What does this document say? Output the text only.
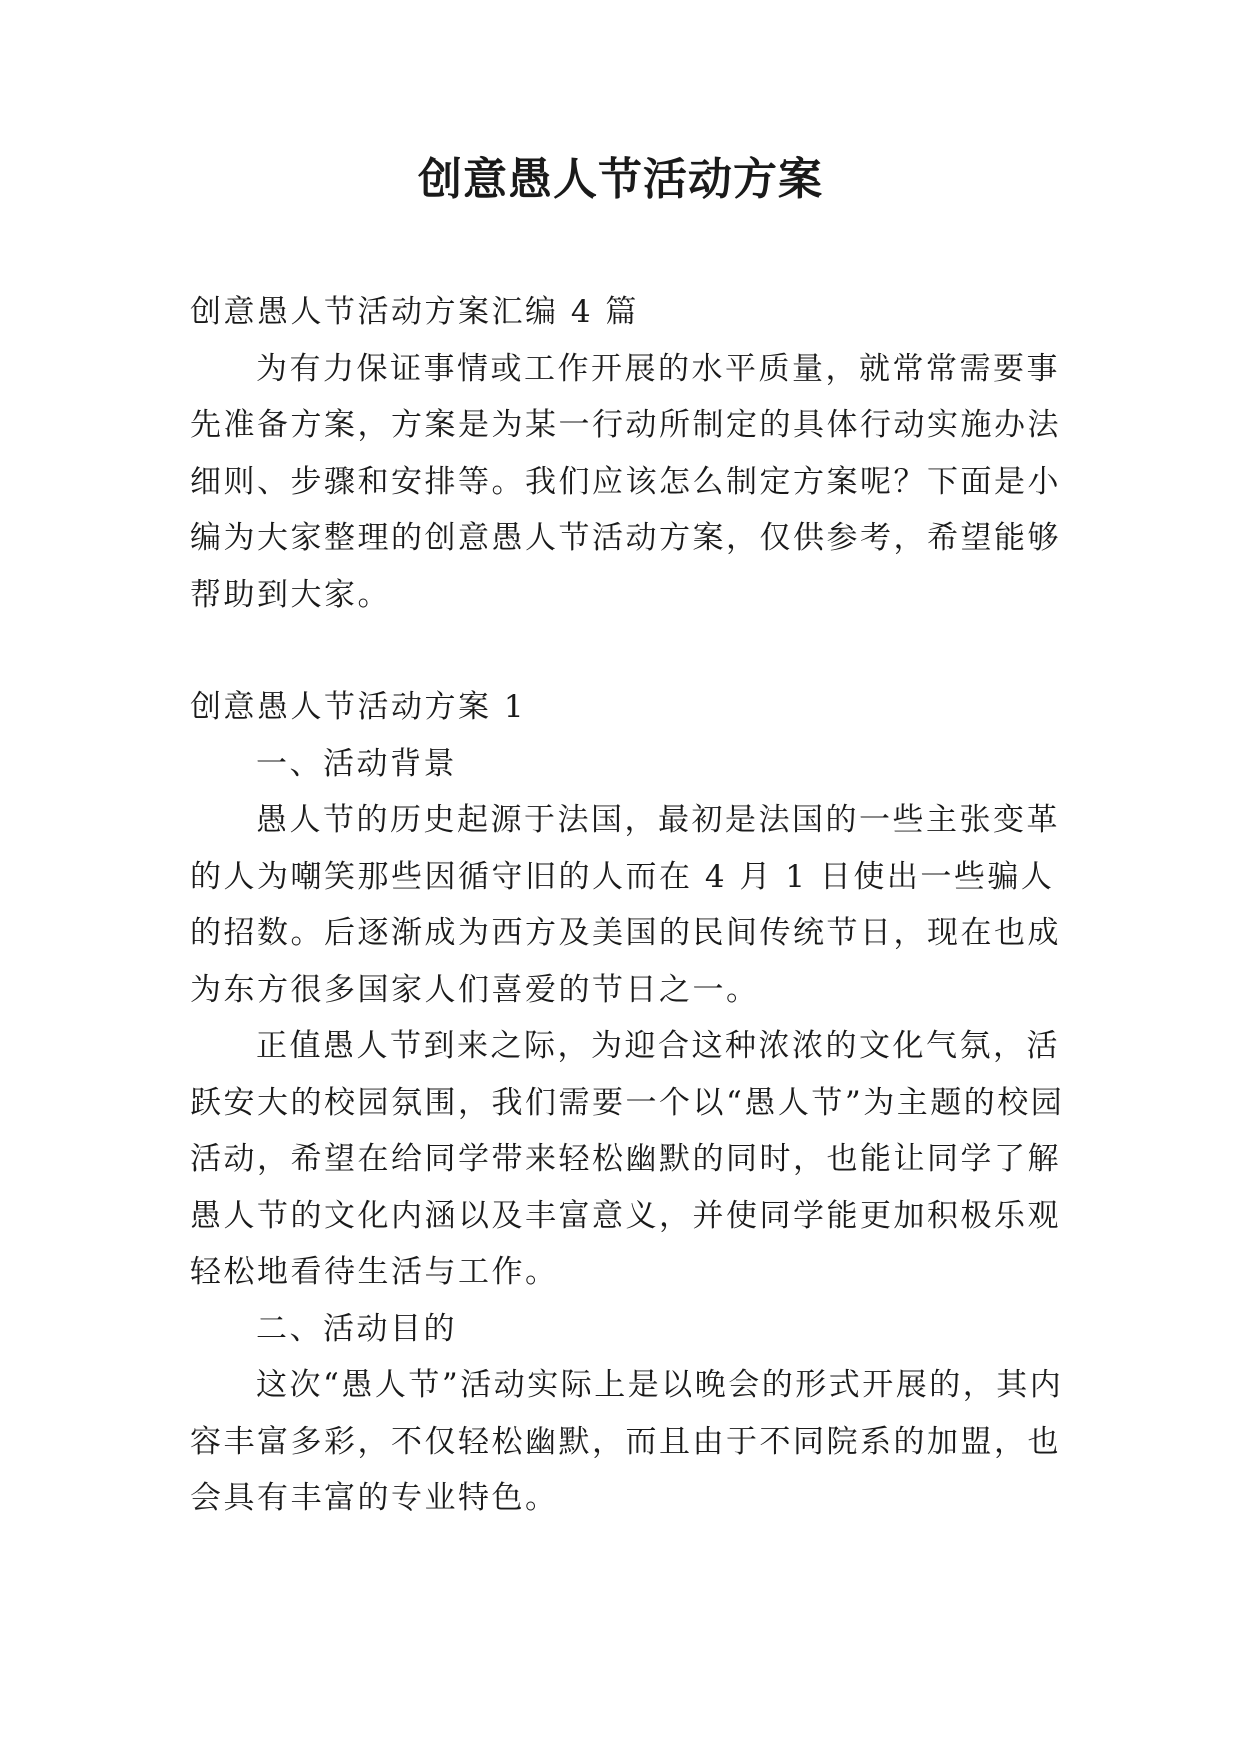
创意愚人节活动方案

创意愚人节活动方案汇编 4 篇

为有力保证事情或工作开展的水平质量，就常常需要事先准备方案，方案是为某一行动所制定的具体行动实施办法细则、步骤和安排等。我们应该怎么制定方案呢？下面是小编为大家整理的创意愚人节活动方案，仅供参考，希望能够帮助到大家。

创意愚人节活动方案 1

一、活动背景

愚人节的历史起源于法国，最初是法国的一些主张变革的人为嘲笑那些因循守旧的人而在 4 月 1 日使出一些骗人的招数。后逐渐成为西方及美国的民间传统节日，现在也成为东方很多国家人们喜爱的节日之一。

正值愚人节到来之际，为迎合这种浓浓的文化气氛，活跃安大的校园氛围，我们需要一个以“愚人节”为主题的校园活动，希望在给同学带来轻松幽默的同时，也能让同学了解愚人节的文化内涵以及丰富意义，并使同学能更加积极乐观轻松地看待生活与工作。

二、活动目的

这次“愚人节”活动实际上是以晚会的形式开展的，其内容丰富多彩，不仅轻松幽默，而且由于不同院系的加盟，也会具有丰富的专业特色。
